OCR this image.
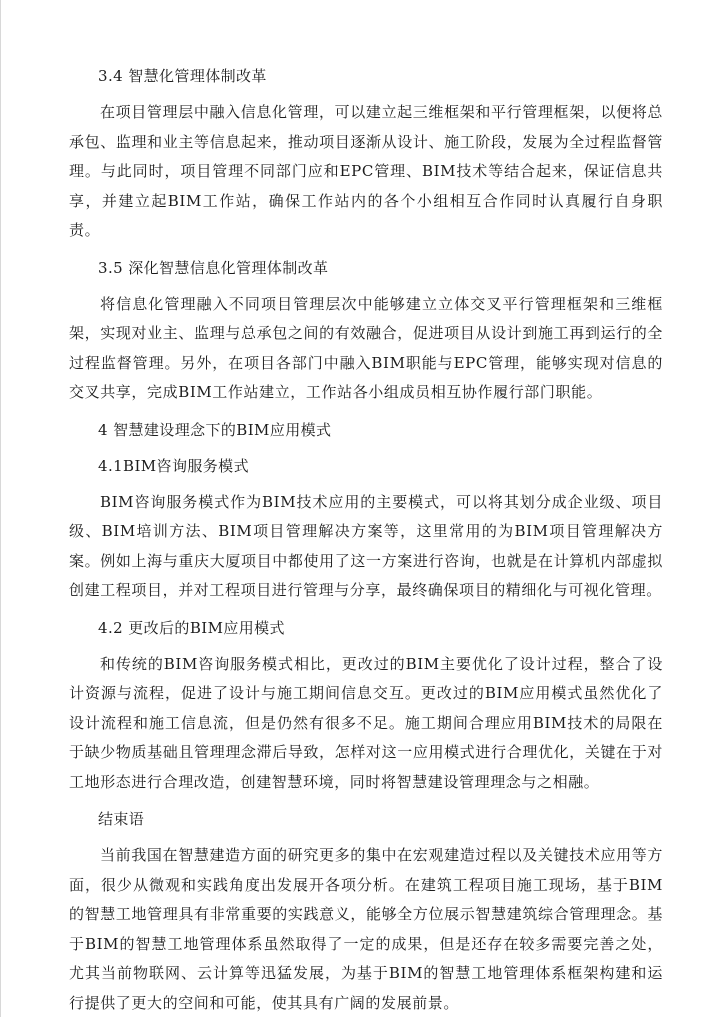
3.4 智慧化管理体制改革
在项目管理层中融入信息化管理，可以建立起三维框架和平行管理框架，以便将总承包、监理和业主等信息起来，推动项目逐渐从设计、施工阶段，发展为全过程监督管理。与此同时，项目管理不同部门应和EPC管理、BIM技术等结合起来，保证信息共享，并建立起BIM工作站，确保工作站内的各个小组相互合作同时认真履行自身职责。
3.5 深化智慧信息化管理体制改革
将信息化管理融入不同项目管理层次中能够建立立体交叉平行管理框架和三维框架，实现对业主、监理与总承包之间的有效融合，促进项目从设计到施工再到运行的全过程监督管理。另外，在项目各部门中融入BIM职能与EPC管理，能够实现对信息的交叉共享，完成BIM工作站建立，工作站各小组成员相互协作履行部门职能。
4 智慧建设理念下的BIM应用模式
4.1BIM咨询服务模式
BIM咨询服务模式作为BIM技术应用的主要模式，可以将其划分成企业级、项目级、BIM培训方法、BIM项目管理解决方案等，这里常用的为BIM项目管理解决方案。例如上海与重庆大厦项目中都使用了这一方案进行咨询，也就是在计算机内部虚拟创建工程项目，并对工程项目进行管理与分享，最终确保项目的精细化与可视化管理。
4.2 更改后的BIM应用模式
和传统的BIM咨询服务模式相比，更改过的BIM主要优化了设计过程，整合了设计资源与流程，促进了设计与施工期间信息交互。更改过的BIM应用模式虽然优化了设计流程和施工信息流，但是仍然有很多不足。施工期间合理应用BIM技术的局限在于缺少物质基础且管理理念滞后导致，怎样对这一应用模式进行合理优化，关键在于对工地形态进行合理改造，创建智慧环境，同时将智慧建设管理理念与之相融。
结束语
当前我国在智慧建造方面的研究更多的集中在宏观建造过程以及关键技术应用等方面，很少从微观和实践角度出发展开各项分析。在建筑工程项目施工现场，基于BIM的智慧工地管理具有非常重要的实践意义，能够全方位展示智慧建筑综合管理理念。基于BIM的智慧工地管理体系虽然取得了一定的成果，但是还存在较多需要完善之处，尤其当前物联网、云计算等迅猛发展，为基于BIM的智慧工地管理体系框架构建和运行提供了更大的空间和可能，使其具有广阔的发展前景。
